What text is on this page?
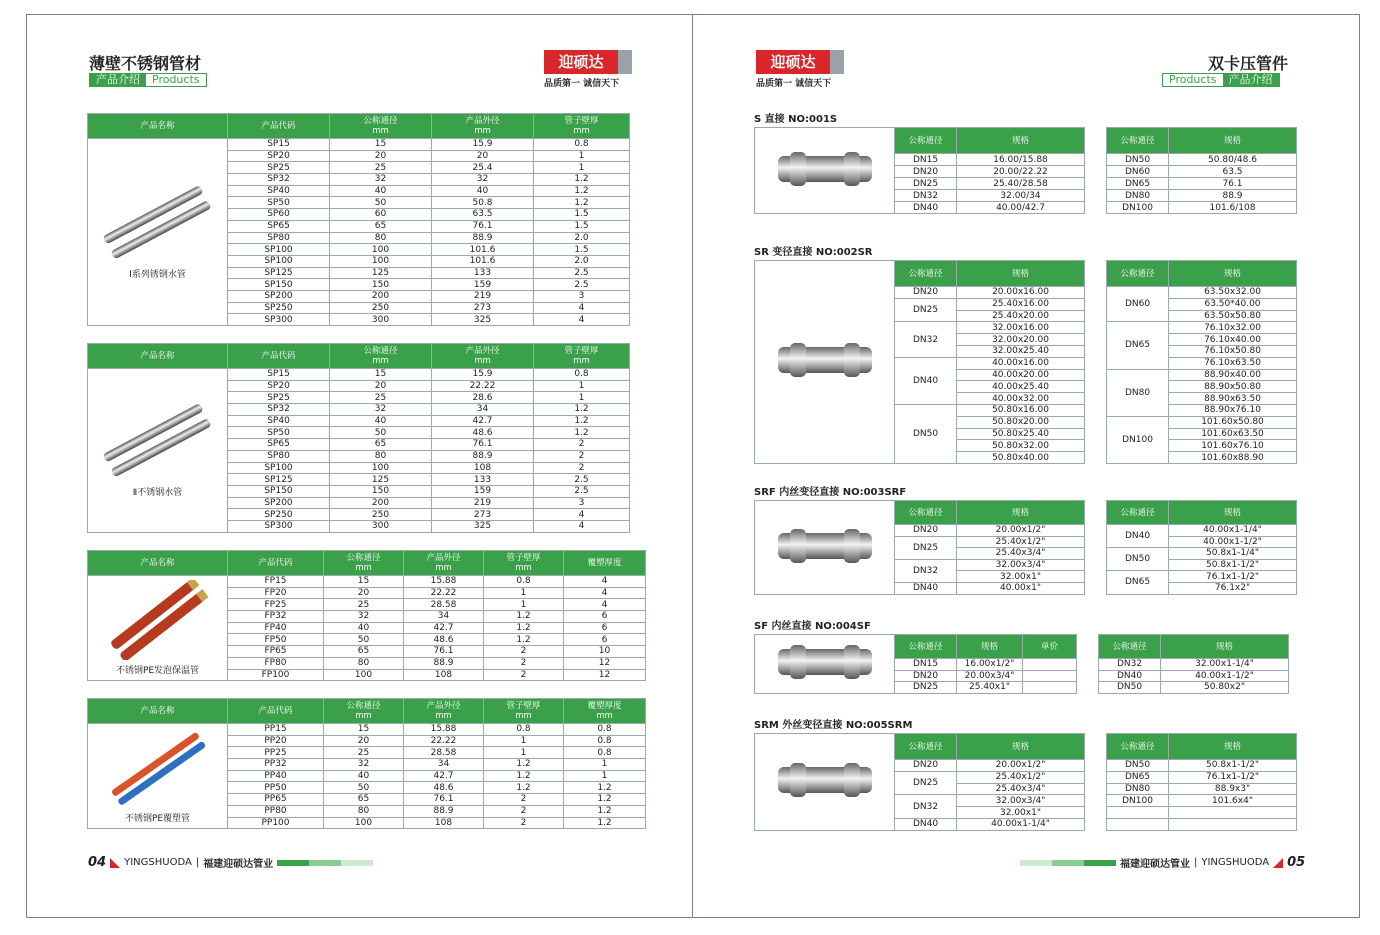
薄壁不锈钢管材
产品介绍	Products
迎硕达
品质第一 诚信天下
迎硕达
品质第一 诚信天下
双卡压管件
Products	产品介绍
产品名称	产品代码	公称通径
mm	产品外径
mm	管子壁厚
mm

Ⅰ系列锈钢水管	SP15	15	15.9	0.8
	SP20	20	20	1
	SP25	25	25.4	1
	SP32	32	32	1.2
	SP40	40	40	1.2
	SP50	50	50.8	1.2
	SP60	60	63.5	1.5
	SP65	65	76.1	1.5
	SP80	80	88.9	2.0
	SP100	100	101.6	1.5
	SP100	100	101.6	2.0
	SP125	125	133	2.5
	SP150	150	159	2.5
	SP200	200	219	3
	SP250	250	273	4
	SP300	300	325	4
产品名称	产品代码	公称通径
mm	产品外径
mm	管子壁厚
mm

Ⅱ不锈钢水管	SP15	15	15.9	0.8
	SP20	20	22.22	1
	SP25	25	28.6	1
	SP32	32	34	1.2
	SP40	40	42.7	1.2
	SP50	50	48.6	1.2
	SP65	65	76.1	2
	SP80	80	88.9	2
	SP100	100	108	2
	SP125	125	133	2.5
	SP150	150	159	2.5
	SP200	200	219	3
	SP250	250	273	4
	SP300	300	325	4
产品名称	产品代码	公称通径
mm	产品外径
mm	管子壁厚
mm	覆塑厚度

不锈钢PE发泡保温管	FP15	15	15.88	0.8	4
	FP20	20	22.22	1	4
	FP25	25	28.58	1	4
	FP32	32	34	1.2	6
	FP40	40	42.7	1.2	6
	FP50	50	48.6	1.2	6
	FP65	65	76.1	2	10
	FP80	80	88.9	2	12
	FP100	100	108	2	12
产品名称	产品代码	公称通径
mm	产品外径
mm	管子壁厚
mm	覆塑厚度
mm

不锈钢PE覆塑管	PP15	15	15.88	0.8	0.8
	PP20	20	22.22	1	0.8
	PP25	25	28.58	1	0.8
	PP32	32	34	1.2	1
	PP40	40	42.7	1.2	1
	PP50	50	48.6	1.2	1.2
	PP65	65	76.1	2	1.2
	PP80	80	88.9	2	1.2
	PP100	100	108	2	1.2
S 直接 NO:001S
	公称通径	规格		公称通径	规格
	DN15	16.00/15.88		DN50	50.80/48.6
	DN20	20.00/22.22		DN60	63.5
	DN25	25.40/28.58		DN65	76.1
	DN32	32.00/34		DN80	88.9
	DN40	40.00/42.7		DN100	101.6/108
SR 变径直接 NO:002SR
	公称通径	规格		公称通径	规格
	DN20	20.00x16.00		DN60	63.50x32.00
	DN25	25.40x16.00			63.50*40.00
		25.40x20.00			63.50x50.80
	DN32	32.00x16.00		DN65	76.10x32.00
		32.00x20.00			76.10x40.00
		32.00x25.40			76.10x50.80
	DN40	40.00x16.00			76.10x63.50
		40.00x20.00		DN80	88.90x40.00
		40.00x25.40			88.90x50.80
		40.00x32.00			88.90x63.50
	DN50	50.80x16.00			88.90x76.10
		50.80x20.00		DN100	101.60x50.80
		50.80x25.40			101.60x63.50
		50.80x32.00			101.60x76.10
		50.80x40.00			101.60x88.90
SRF 内丝变径直接 NO:003SRF
	公称通径	规格		公称通径	规格
	DN20	20.00x1/2"		DN40	40.00x1-1/4"
	DN25	25.40x1/2"			40.00x1-1/2"
		25.40x3/4"		DN50	50.8x1-1/4"
	DN32	32.00x3/4"			50.8x1-1/2"
		32.00x1"		DN65	76.1x1-1/2"
	DN40	40.00x1"			76.1x2"
SF 内丝直接 NO:004SF
	公称通径	规格	单价		公称通径	规格
	DN15	16.00x1/2"			DN32	32.00x1-1/4"
	DN20	20.00x3/4"			DN40	40.00x1-1/2"
	DN25	25.40x1"			DN50	50.80x2"
SRM 外丝变径直接 NO:005SRM
	公称通径	规格		公称通径	规格
	DN20	20.00x1/2"		DN50	50.8x1-1/2"
	DN25	25.40x1/2"		DN65	76.1x1-1/2"
		25.40x3/4"		DN80	88.9x3"
	DN32	32.00x3/4"		DN100	101.6x4"
		32.00x1"			
	DN40	40.00x1-1/4"			
04 YINGSHUODA | 福建迎硕达管业	福建迎硕达管业 | YINGSHUODA 05
